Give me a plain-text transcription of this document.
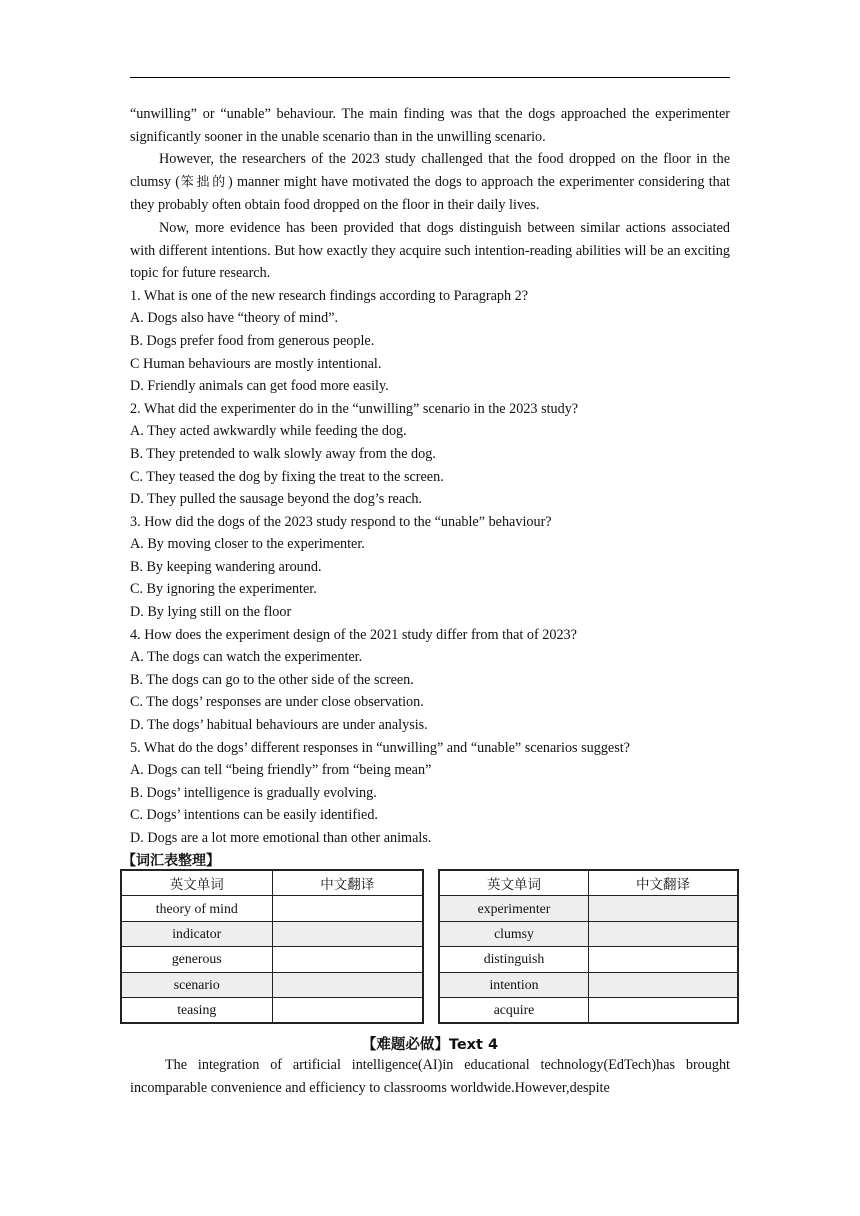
“unwilling” or “unable” behaviour. The main finding was that the dogs approached the experimenter significantly sooner in the unable scenario than in the unwilling scenario.

However, the researchers of the 2023 study challenged that the food dropped on the floor in the clumsy (笨拙的) manner might have motivated the dogs to approach the experimenter considering that they probably often obtain food dropped on the floor in their daily lives.

Now, more evidence has been provided that dogs distinguish between similar actions associated with different intentions. But how exactly they acquire such intention-reading abilities will be an exciting topic for future research.

1. What is one of the new research findings according to Paragraph 2?

A. Dogs also have “theory of mind”.

B. Dogs prefer food from generous people.

C Human behaviours are mostly intentional.

D. Friendly animals can get food more easily.

2. What did the experimenter do in the “unwilling” scenario in the 2023 study?

A. They acted awkwardly while feeding the dog.

B. They pretended to walk slowly away from the dog.

C. They teased the dog by fixing the treat to the screen.

D. They pulled the sausage beyond the dog’s reach.

3. How did the dogs of the 2023 study respond to the “unable” behaviour?

A. By moving closer to the experimenter.

B. By keeping wandering around.

C. By ignoring the experimenter.

D. By lying still on the floor

4. How does the experiment design of the 2021 study differ from that of 2023?

A. The dogs can watch the experimenter.

B. The dogs can go to the other side of the screen.

C. The dogs’ responses are under close observation.

D. The dogs’ habitual behaviours are under analysis.

5. What do the dogs’ different responses in “unwilling” and “unable” scenarios suggest?

A. Dogs can tell “being friendly” from “being mean”

B. Dogs’ intelligence is gradually evolving.

C. Dogs’ intentions can be easily identified.

D. Dogs are a lot more emotional than other animals.

【词汇表整理】

英文单词	中文翻译
theory of mind	
indicator	
generous	
scenario	
teasing	
英文单词	中文翻译
experimenter	
clumsy	
distinguish	
intention	
acquire	
【难题必做】Text 4

The integration of artificial intelligence(AI)in educational technology(EdTech)has brought incomparable convenience and efficiency to classrooms worldwide.However,despite
